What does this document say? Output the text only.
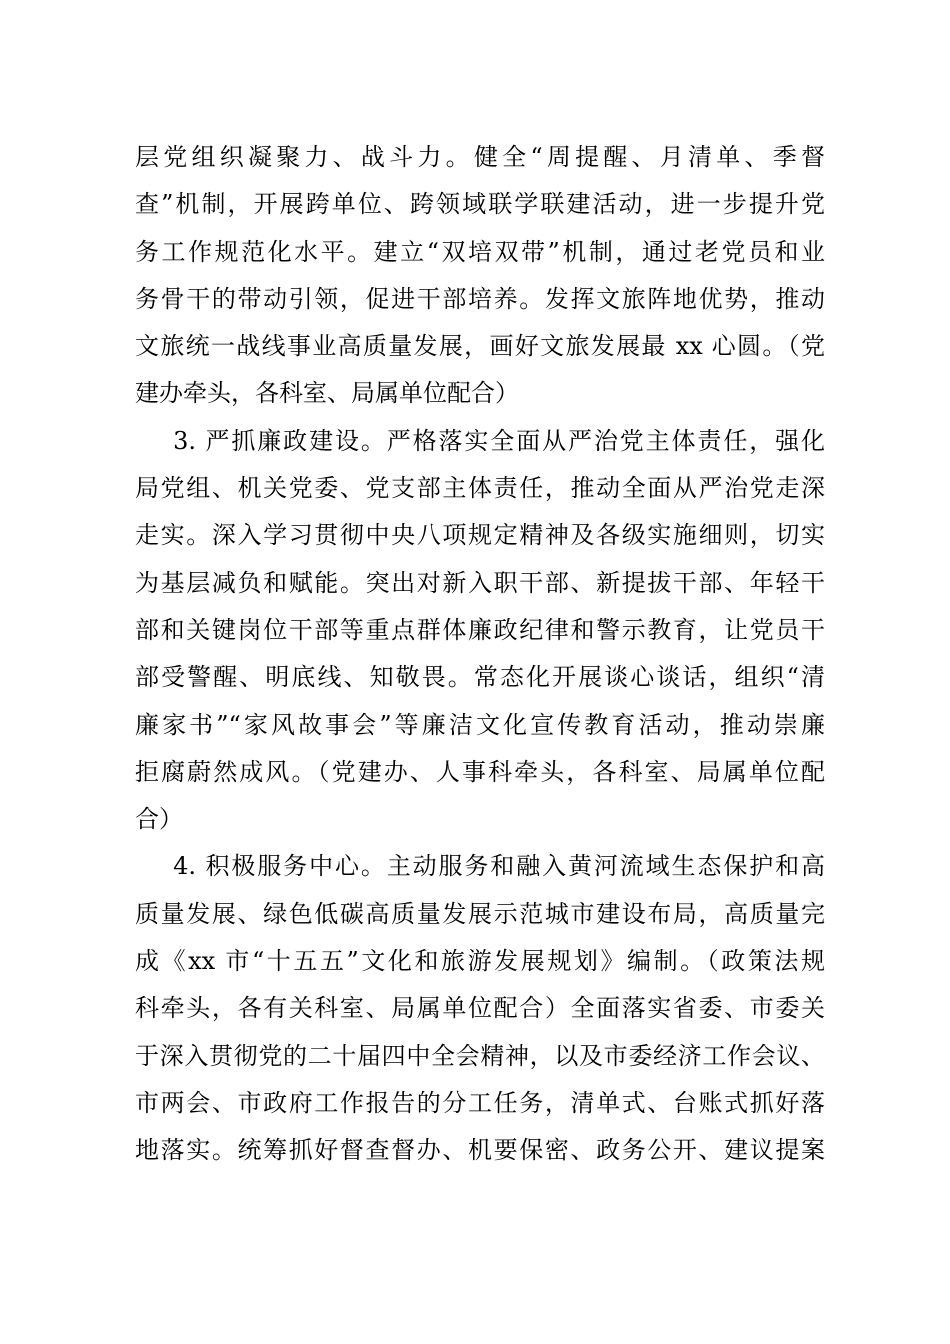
层党组织凝聚力、战斗力。健全“周提醒、月清单、季督
查”机制，开展跨单位、跨领域联学联建活动，进一步提升党
务工作规范化水平。建立“双培双带”机制，通过老党员和业
务骨干的带动引领，促进干部培养。发挥文旅阵地优势，推动
文旅统一战线事业高质量发展，画好文旅发展最 xx 心圆。（党
建办牵头，各科室、局属单位配合）
3. 严抓廉政建设。严格落实全面从严治党主体责任，强化
局党组、机关党委、党支部主体责任，推动全面从严治党走深
走实。深入学习贯彻中央八项规定精神及各级实施细则，切实
为基层减负和赋能。突出对新入职干部、新提拔干部、年轻干
部和关键岗位干部等重点群体廉政纪律和警示教育，让党员干
部受警醒、明底线、知敬畏。常态化开展谈心谈话，组织“清
廉家书”“家风故事会”等廉洁文化宣传教育活动，推动崇廉
拒腐蔚然成风。（党建办、人事科牵头，各科室、局属单位配
合）
4. 积极服务中心。主动服务和融入黄河流域生态保护和高
质量发展、绿色低碳高质量发展示范城市建设布局，高质量完
成《xx 市“十五五”文化和旅游发展规划》编制。（政策法规
科牵头，各有关科室、局属单位配合）全面落实省委、市委关
于深入贯彻党的二十届四中全会精神，以及市委经济工作会议、
市两会、市政府工作报告的分工任务，清单式、台账式抓好落
地落实。统筹抓好督查督办、机要保密、政务公开、建议提案
